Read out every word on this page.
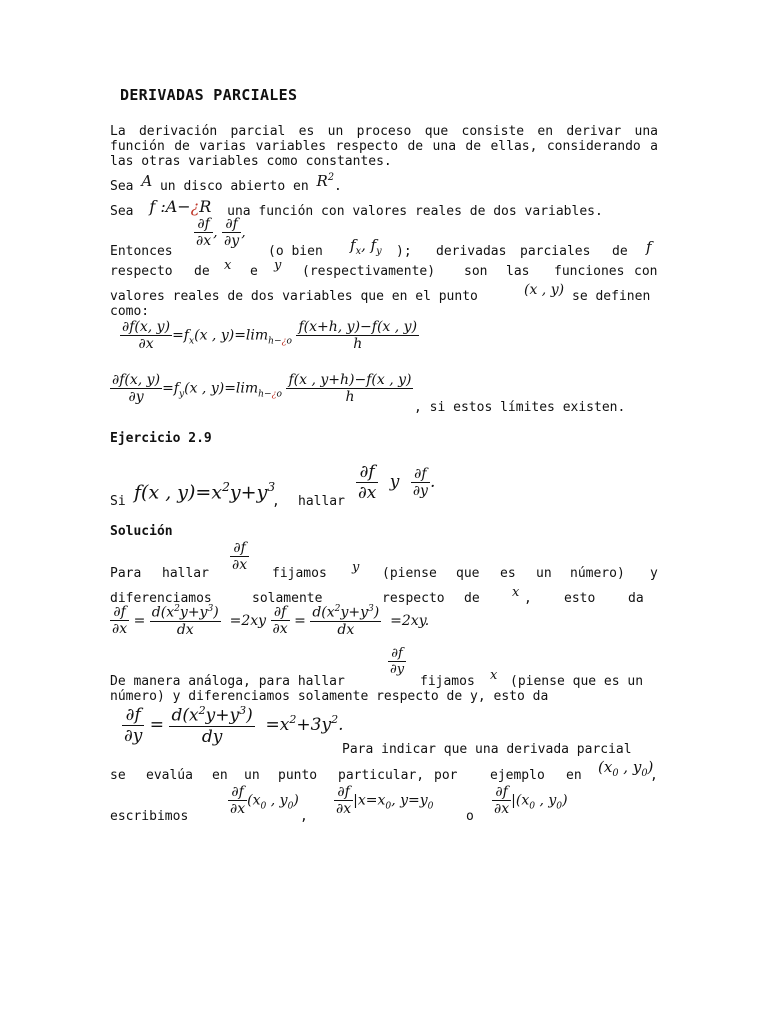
DERIVADAS PARCIALES
La derivación parcial es un proceso que consiste en derivar una función de varias variables respecto de una de ellas, considerando a las otras variables como constantes.
Sea A un disco abierto en $R^2$.
Sea f :A−¿R una función con valores reales de dos variables.
Entonces
$\frac{\partial f}{\partial x}$ , $\frac{\partial f}{\partial y}$ ,
(o bien $f_x$, $f_y$ ); derivadas parciales de f
respecto de x e y (respectivamente) son las funciones con
valores reales de dos variables que en el punto	(x , y) se definen
como:
$\frac{\partial f(x, y)}{\partial x} =f_x(x$ , $y)=\lim_{h-¿o} \frac{f(x+h, y)-f(x , y)}{h}$
$\frac{\partial f(x, y)}{\partial y} =f_y(x$ , $y)=\lim_{h-¿o} \frac{f(x , y+h)-f(x , y)}{h}$
, si estos límites existen.
Ejercicio 2.9
Si f(x , $y)=x^2y+y^3$
, hallar $\frac{\partial f}{\partial x}$ y $\frac{\partial f}{\partial y}$ .
Solución
Para hallar
$\frac{\partial f}{\partial x}$
fijamos y (piense que es un número) y
diferenciamos	solamente	respecto de x , esto	da
$\frac{\partial f}{\partial x} = \frac{d(x^2y+y^3)}{dx} =2xy \frac{\partial f}{\partial x} = \frac{d(x^2y+y^3)}{dx} =2xy$.
De manera análoga, para hallar
$\frac{\partial f}{\partial y}$
fijamos x (piense que es un
número) y diferenciamos solamente respecto de y, esto da
$\frac{\partial f}{\partial y} = \frac{d(x^2y+y^3)}{dy} =x^2+3y^2$.
Para indicar que una derivada parcial
se evalúa en un punto particular, por	ejemplo en ($x_0$ , $y_0$)
,
escribimos	$\frac{\partial f}{\partial x} (x_0$ , $y_0$)
, $\frac{\partial f}{\partial x} |x=x_0$, $y=y_0$
o $\frac{\partial f}{\partial x} |(x_0$ , $y_0$)
